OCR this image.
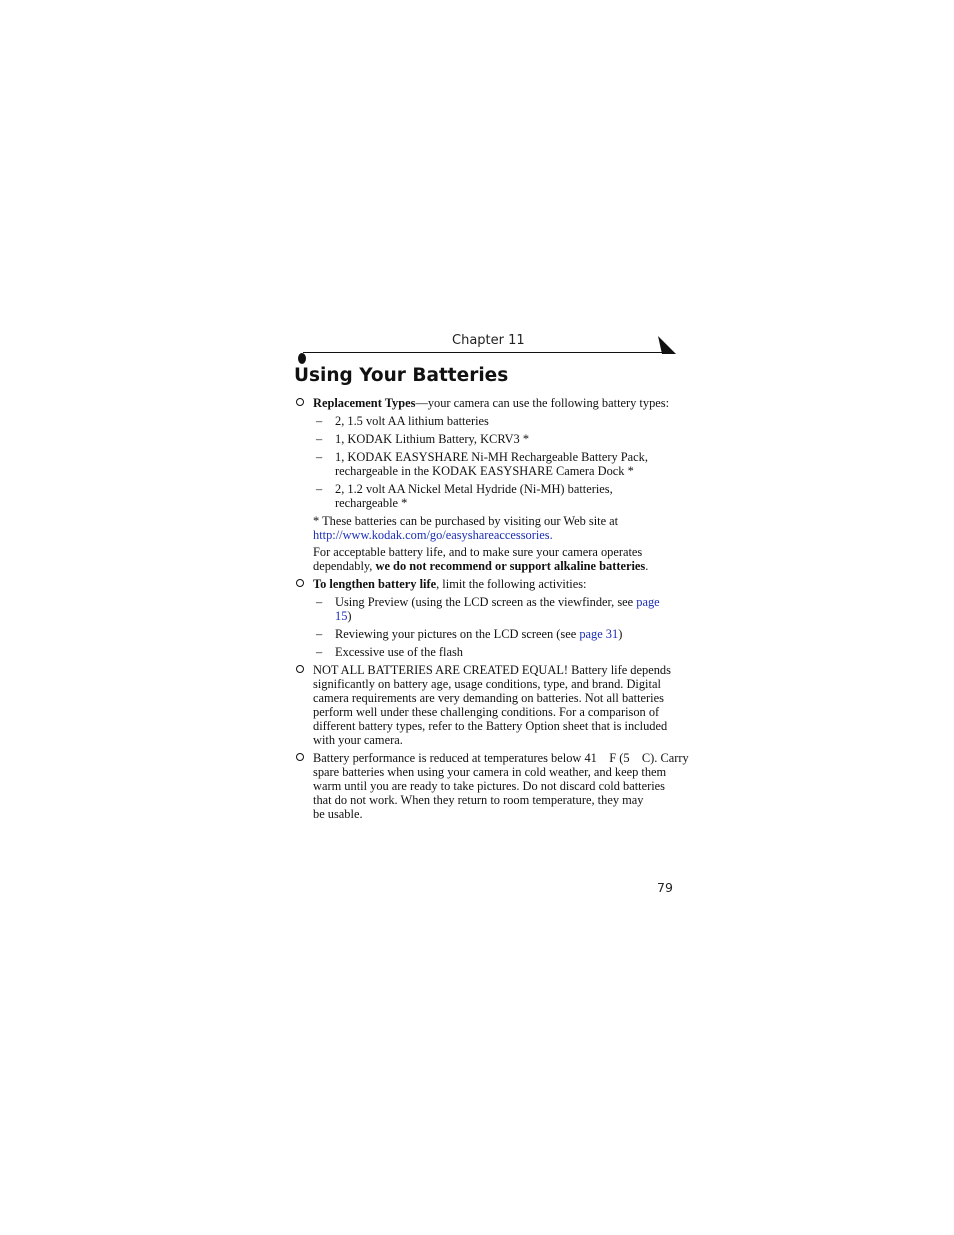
Chapter 11
Using Your Batteries
Replacement Types—your camera can use the following battery types:
– 2, 1.5 volt AA lithium batteries
– 1, KODAK Lithium Battery, KCRV3 *
– 1, KODAK EASYSHARE Ni-MH Rechargeable Battery Pack,
rechargeable in the KODAK EASYSHARE Camera Dock *
– 2, 1.2 volt AA Nickel Metal Hydride (Ni-MH) batteries, rechargeable *
* These batteries can be purchased by visiting our Web site at
http://www.kodak.com/go/easyshareaccessories.
For acceptable battery life, and to make sure your camera operates
dependably, we do not recommend or support alkaline batteries.
To lengthen battery life, limit the following activities:
– Using Preview (using the LCD screen as the viewfinder, see page 15)
– Reviewing your pictures on the LCD screen (see page 31)
– Excessive use of the flash
NOT ALL BATTERIES ARE CREATED EQUAL! Battery life depends
significantly on battery age, usage conditions, type, and brand. Digital
camera requirements are very demanding on batteries. Not all batteries
perform well under these challenging conditions. For a comparison of
different battery types, refer to the Battery Option sheet that is included
with your camera.
Battery performance is reduced at temperatures below 41    F (5    C). Carry
spare batteries when using your camera in cold weather, and keep them
warm until you are ready to take pictures. Do not discard cold batteries
that do not work. When they return to room temperature, they may
be usable.
79
